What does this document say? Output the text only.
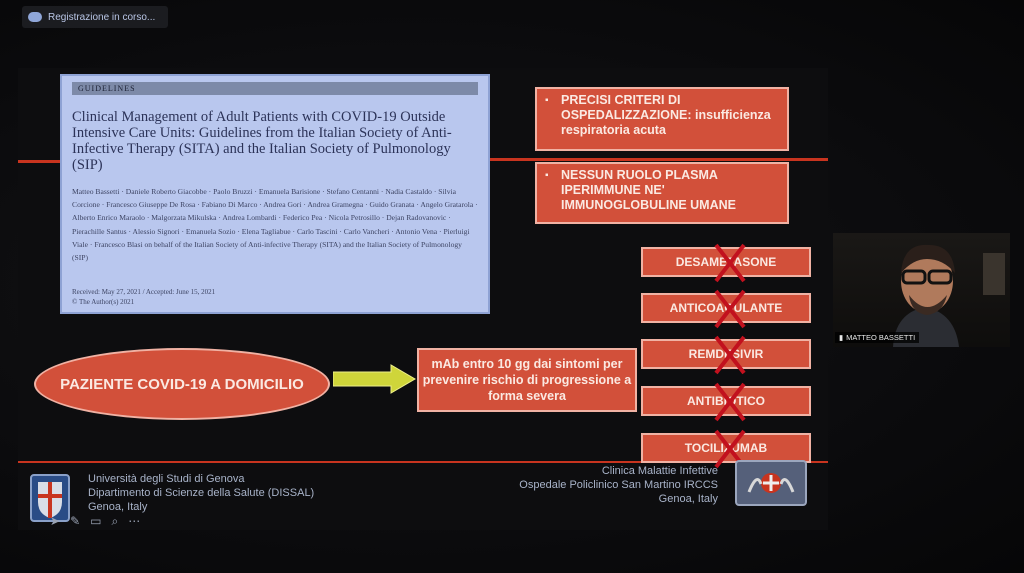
Registrazione in corso...
GUIDELINES
Clinical Management of Adult Patients with COVID-19 Outside Intensive Care Units: Guidelines from the Italian Society of Anti-Infective Therapy (SITA) and the Italian Society of Pulmonology (SIP)
Matteo Bassetti · Daniele Roberto Giacobbe · Paolo Bruzzi · Emanuela Barisione · Stefano Centanni · Nadia Castaldo · Silvia Corcione · Francesco Giuseppe De Rosa · Fabiano Di Marco · Andrea Gori · Andrea Gramegna · Guido Granata · Angelo Gratarola · Alberto Enrico Maraolo · Malgorzata Mikulska · Andrea Lombardi · Federico Pea · Nicola Petrosillo · Dejan Radovanovic · Pierachille Santus · Alessio Signori · Emanuela Sozio · Elena Tagliabue · Carlo Tascini · Carlo Vancheri · Antonio Vena · Pierluigi Viale · Francesco Blasi on behalf of the Italian Society of Anti-infective Therapy (SITA) and the Italian Society of Pulmonology (SIP)
Received: May 27, 2021 / Accepted: June 15, 2021
© The Author(s) 2021
▪ PRECISI CRITERI DI OSPEDALIZZAZIONE: insufficienza respiratoria acuta
▪ NESSUN RUOLO PLASMA IPERIMMUNE NE' IMMUNOGLOBULINE UMANE
DESAMETASONE
ANTICOAGULANTE
REMDESIVIR
ANTIBIOTICO
TOCILIZUMAB
PAZIENTE COVID-19 A DOMICILIO
mAb entro 10 gg dai sintomi per prevenire rischio di progressione a forma severa
Università degli Studi di Genova
Dipartimento di Scienze della Salute (DISSAL)
Genoa, Italy
Clinica Malattie Infettive
Ospedale Policlinico San Martino IRCCS
Genoa, Italy
➤ ✎ ▭ ⌕ ⋯
▮ MATTEO BASSETTI
